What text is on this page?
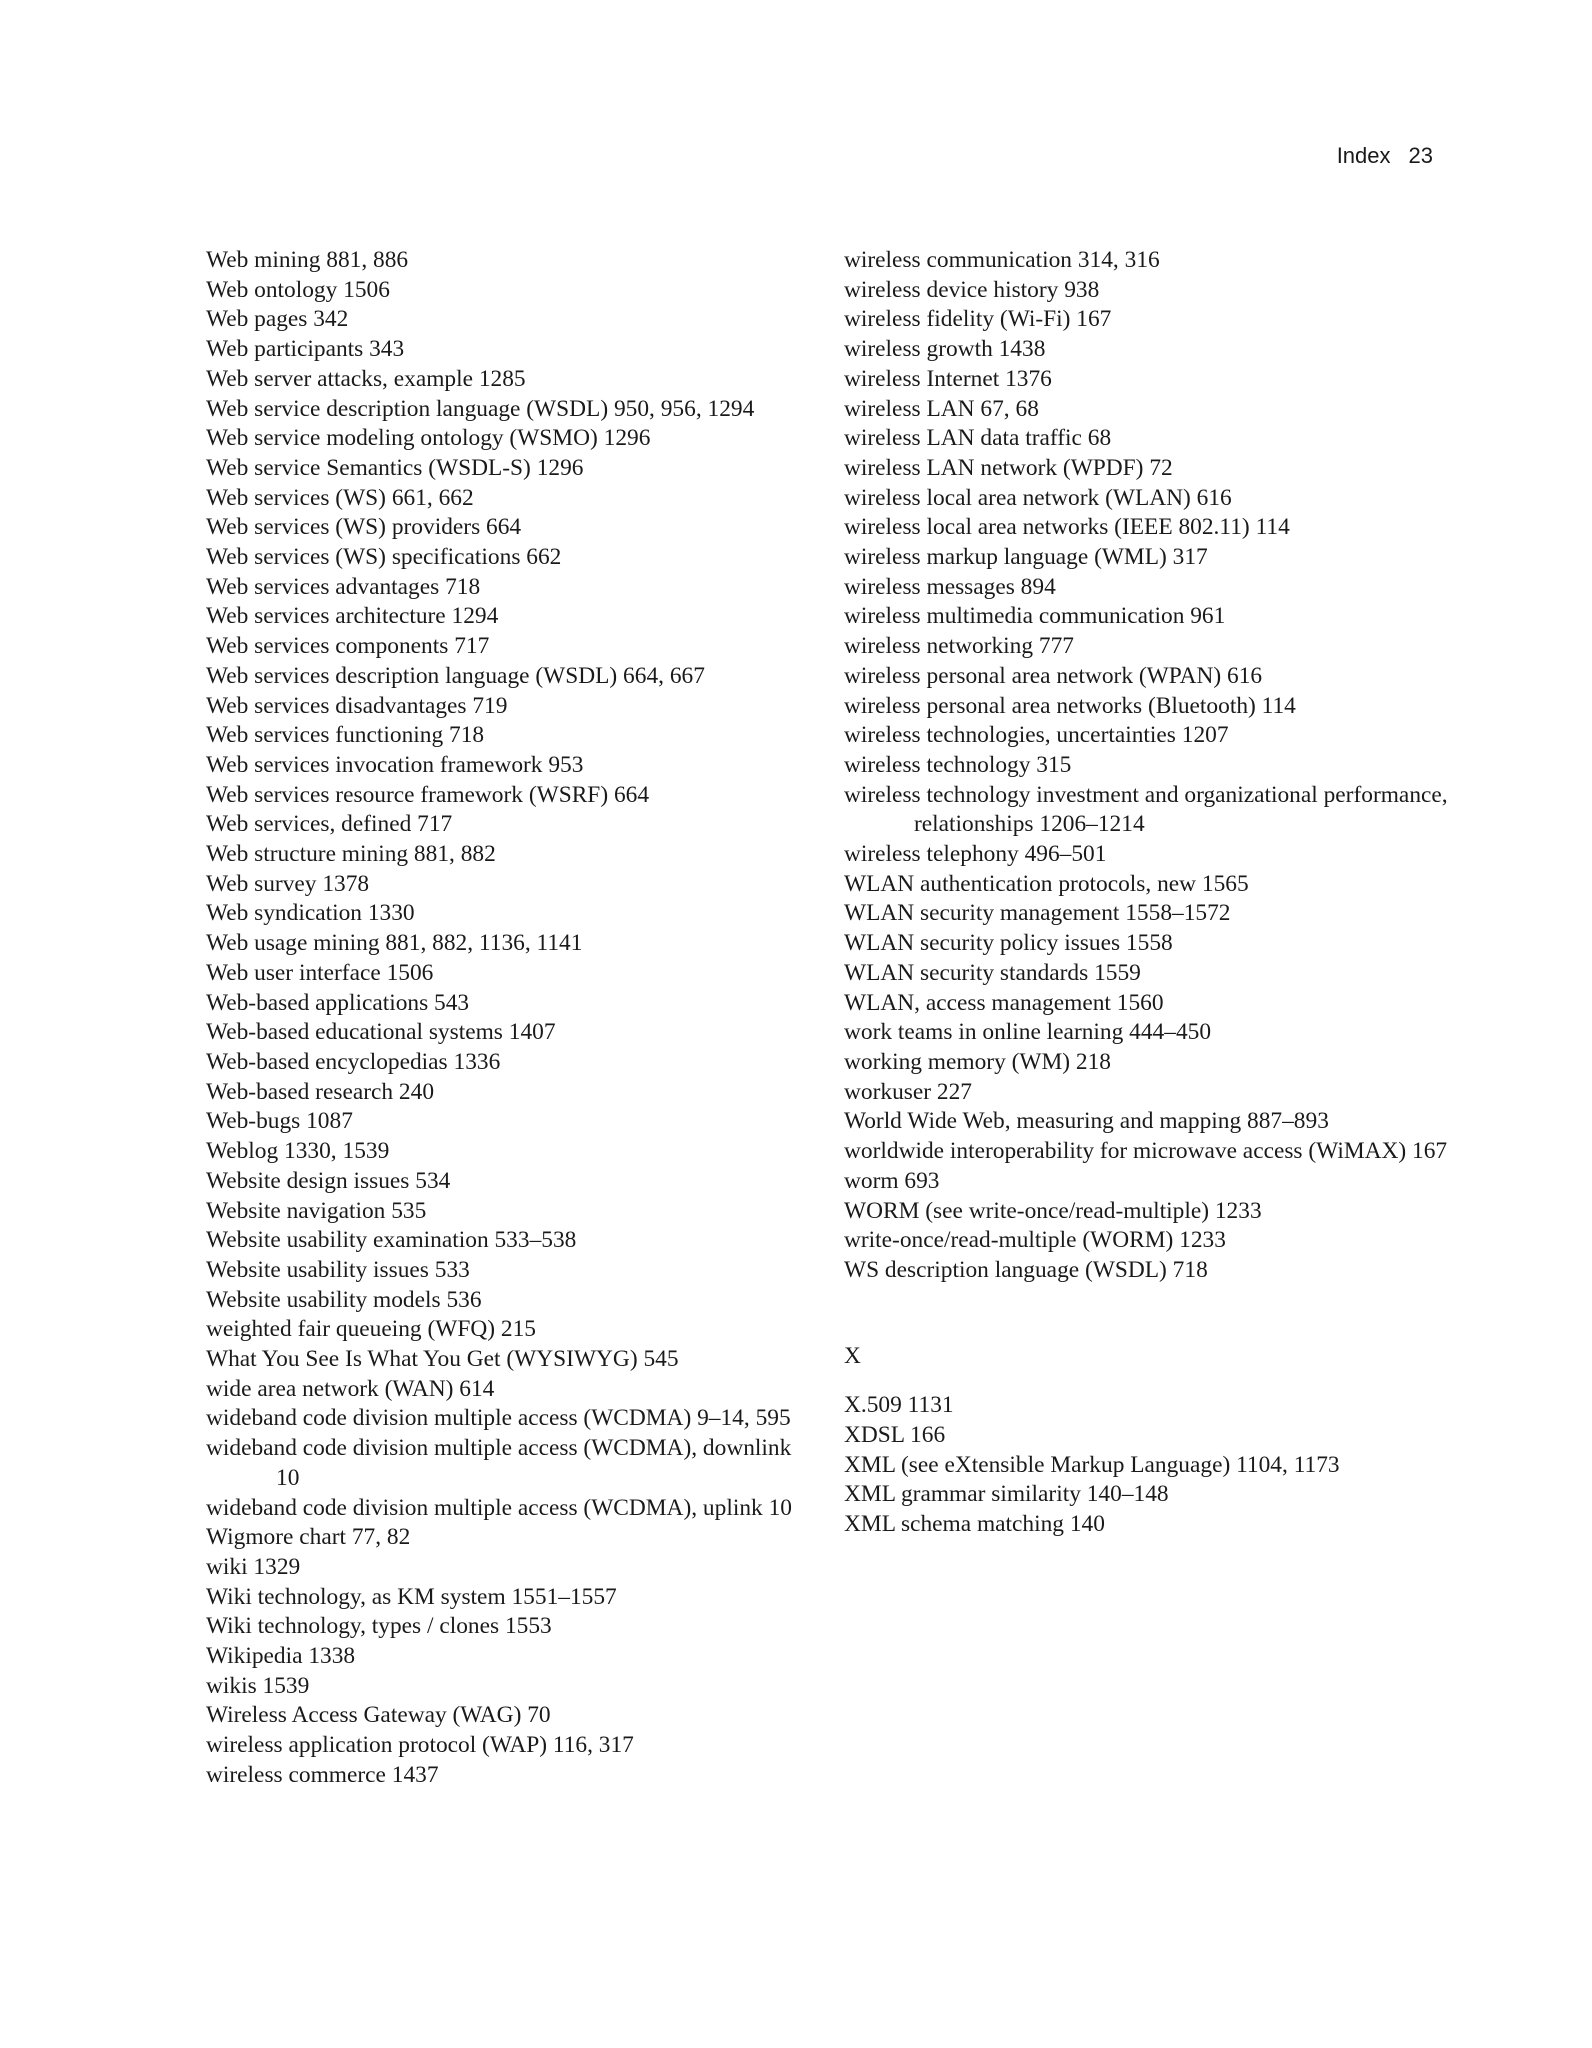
Index 23

Web mining 881, 886

Web ontology 1506

Web pages 342

Web participants 343

Web server attacks, example 1285

Web service description language (WSDL) 950, 956, 1294

Web service modeling ontology (WSMO) 1296

Web service Semantics (WSDL-S) 1296

Web services (WS) 661, 662

Web services (WS) providers 664

Web services (WS) specifications 662

Web services advantages 718

Web services architecture 1294

Web services components 717

Web services description language (WSDL) 664, 667

Web services disadvantages 719

Web services functioning 718

Web services invocation framework 953

Web services resource framework (WSRF) 664

Web services, defined 717

Web structure mining 881, 882

Web survey 1378

Web syndication 1330

Web usage mining 881, 882, 1136, 1141

Web user interface 1506

Web-based applications 543

Web-based educational systems 1407

Web-based encyclopedias 1336

Web-based research 240

Web-bugs 1087

Weblog 1330, 1539

Website design issues 534

Website navigation 535

Website usability examination 533–538

Website usability issues 533

Website usability models 536

weighted fair queueing (WFQ) 215

What You See Is What You Get (WYSIWYG) 545

wide area network (WAN) 614

wideband code division multiple access (WCDMA) 9–14, 595

wideband code division multiple access (WCDMA), downlink 10

wideband code division multiple access (WCDMA), uplink 10

Wigmore chart 77, 82

wiki 1329

Wiki technology, as KM system 1551–1557

Wiki technology, types / clones 1553

Wikipedia 1338

wikis 1539

Wireless Access Gateway (WAG) 70

wireless application protocol (WAP) 116, 317

wireless commerce 1437

wireless communication 314, 316

wireless device history 938

wireless fidelity (Wi-Fi) 167

wireless growth 1438

wireless Internet 1376

wireless LAN 67, 68

wireless LAN data traffic 68

wireless LAN network (WPDF) 72

wireless local area network (WLAN) 616

wireless local area networks (IEEE 802.11) 114

wireless markup language (WML) 317

wireless messages 894

wireless multimedia communication 961

wireless networking 777

wireless personal area network (WPAN) 616

wireless personal area networks (Bluetooth) 114

wireless technologies, uncertainties 1207

wireless technology 315

wireless technology investment and organizational performance, relationships 1206–1214

wireless telephony 496–501

WLAN authentication protocols, new 1565

WLAN security management 1558–1572

WLAN security policy issues 1558

WLAN security standards 1559

WLAN, access management 1560

work teams in online learning 444–450

working memory (WM) 218

workuser 227

World Wide Web, measuring and mapping 887–893

worldwide interoperability for microwave access (WiMAX) 167

worm 693

WORM (see write-once/read-multiple) 1233

write-once/read-multiple (WORM) 1233

WS description language (WSDL) 718

X

X.509 1131

XDSL 166

XML (see eXtensible Markup Language) 1104, 1173

XML grammar similarity 140–148

XML schema matching 140
